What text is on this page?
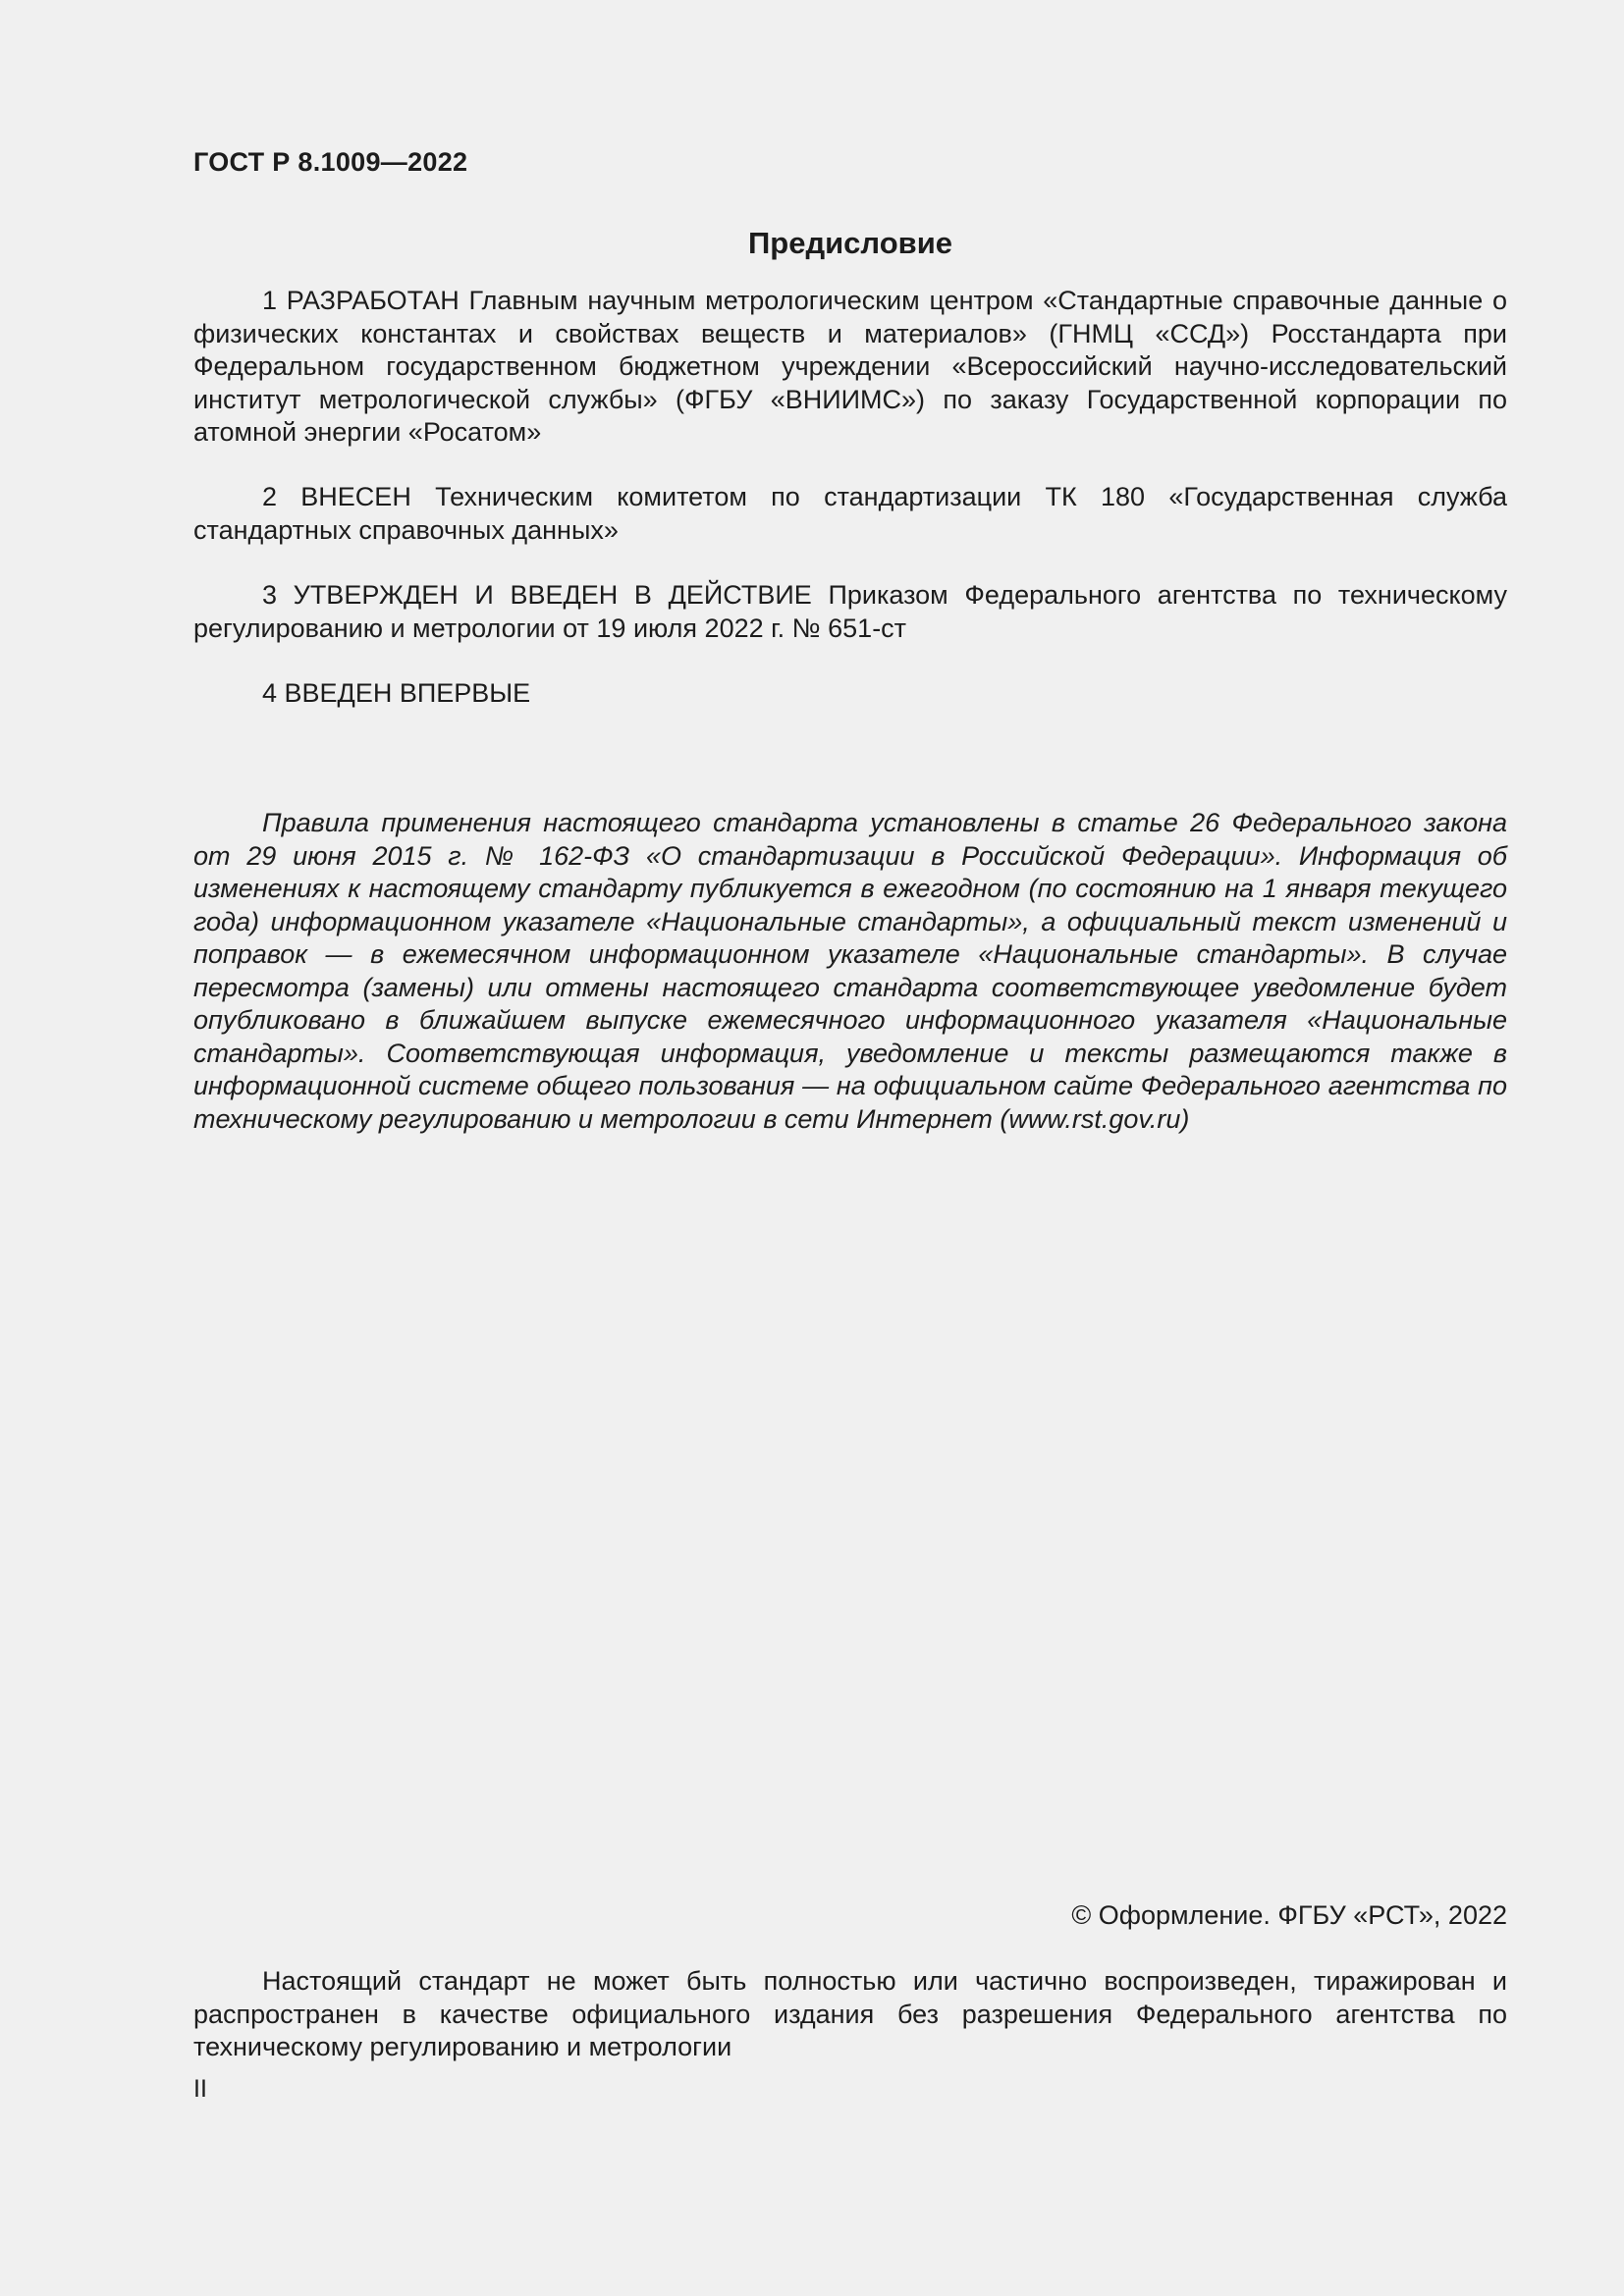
ГОСТ Р 8.1009—2022
Предисловие

1 РАЗРАБОТАН Главным научным метрологическим центром «Стандартные справочные данные о физических константах и свойствах веществ и материалов» (ГНМЦ «ССД») Росстандарта при Федеральном государственном бюджетном учреждении «Всероссийский научно-исследовательский институт метрологической службы» (ФГБУ «ВНИИМС») по заказу Государственной корпорации по атомной энергии «Росатом»

2 ВНЕСЕН Техническим комитетом по стандартизации ТК 180 «Государственная служба стандартных справочных данных»

3 УТВЕРЖДЕН И ВВЕДЕН В ДЕЙСТВИЕ Приказом Федерального агентства по техническому регулированию и метрологии от 19 июля 2022 г. № 651-ст

4 ВВЕДЕН ВПЕРВЫЕ

Правила применения настоящего стандарта установлены в статье 26 Федерального закона от 29 июня 2015 г. № 162-ФЗ «О стандартизации в Российской Федерации». Информация об изменениях к настоящему стандарту публикуется в ежегодном (по состоянию на 1 января текущего года) информационном указателе «Национальные стандарты», а официальный текст изменений и поправок — в ежемесячном информационном указателе «Национальные стандарты». В случае пересмотра (замены) или отмены настоящего стандарта соответствующее уведомление будет опубликовано в ближайшем выпуске ежемесячного информационного указателя «Национальные стандарты». Соответствующая информация, уведомление и тексты размещаются также в информационной системе общего пользования — на официальном сайте Федерального агентства по техническому регулированию и метрологии в сети Интернет (www.rst.gov.ru)

© Оформление. ФГБУ «РСТ», 2022

Настоящий стандарт не может быть полностью или частично воспроизведен, тиражирован и распространен в качестве официального издания без разрешения Федерального агентства по техническому регулированию и метрологии

II
